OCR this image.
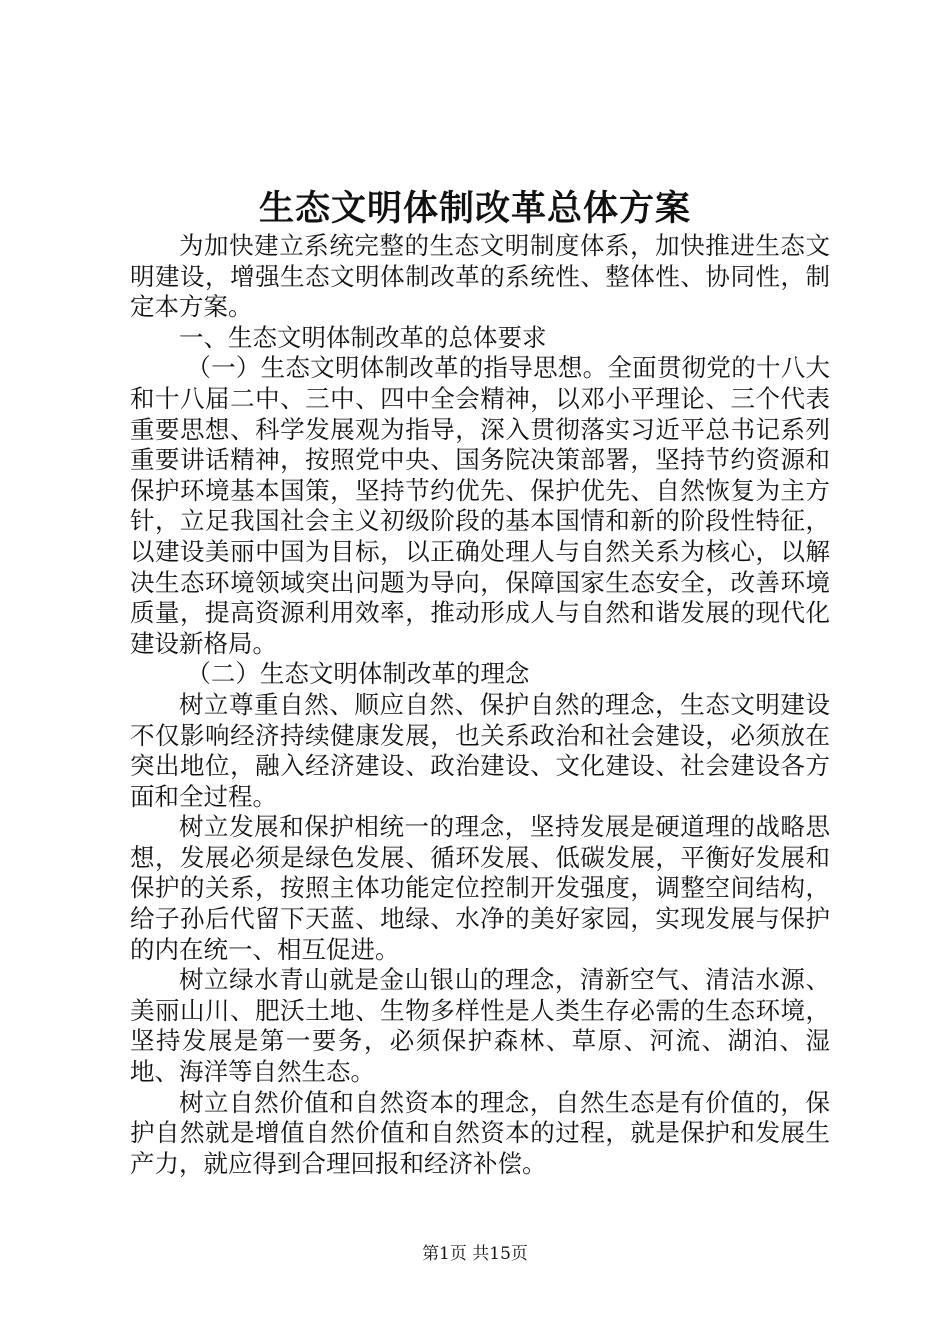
生态文明体制改革总体方案

为加快建立系统完整的生态文明制度体系，加快推进生态文明建设，增强生态文明体制改革的系统性、整体性、协同性，制定本方案。

一、生态文明体制改革的总体要求

（一）生态文明体制改革的指导思想。全面贯彻党的十八大和十八届二中、三中、四中全会精神，以邓小平理论、三个代表重要思想、科学发展观为指导，深入贯彻落实习近平总书记系列重要讲话精神，按照党中央、国务院决策部署，坚持节约资源和保护环境基本国策，坚持节约优先、保护优先、自然恢复为主方针，立足我国社会主义初级阶段的基本国情和新的阶段性特征，以建设美丽中国为目标，以正确处理人与自然关系为核心，以解决生态环境领域突出问题为导向，保障国家生态安全，改善环境质量，提高资源利用效率，推动形成人与自然和谐发展的现代化建设新格局。

（二）生态文明体制改革的理念

树立尊重自然、顺应自然、保护自然的理念，生态文明建设不仅影响经济持续健康发展，也关系政治和社会建设，必须放在突出地位，融入经济建设、政治建设、文化建设、社会建设各方面和全过程。

树立发展和保护相统一的理念，坚持发展是硬道理的战略思想，发展必须是绿色发展、循环发展、低碳发展，平衡好发展和保护的关系，按照主体功能定位控制开发强度，调整空间结构，给子孙后代留下天蓝、地绿、水净的美好家园，实现发展与保护的内在统一、相互促进。

树立绿水青山就是金山银山的理念，清新空气、清洁水源、美丽山川、肥沃土地、生物多样性是人类生存必需的生态环境，坚持发展是第一要务，必须保护森林、草原、河流、湖泊、湿地、海洋等自然生态。

树立自然价值和自然资本的理念，自然生态是有价值的，保护自然就是增值自然价值和自然资本的过程，就是保护和发展生产力，就应得到合理回报和经济补偿。

第1页 共15页
